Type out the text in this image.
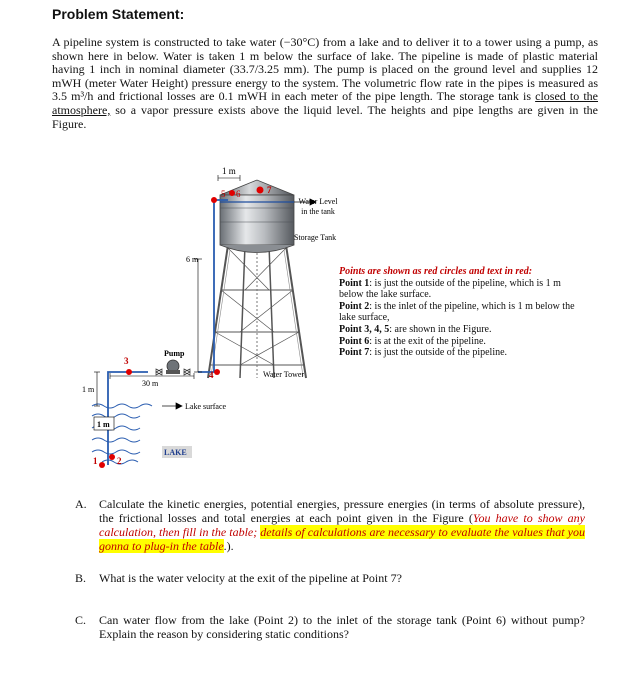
Problem Statement:
A pipeline system is constructed to take water (−30°C) from a lake and to deliver it to a tower using a pump, as shown here in below. Water is taken 1 m below the surface of lake. The pipeline is made of plastic material having 1 inch in nominal diameter (33.7/3.25 mm). The pump is placed on the ground level and supplies 12 mWH (meter Water Height) pressure energy to the system. The volumetric flow rate in the pipes is measured as 3.5 m³/h and frictional losses are 0.1 mWH in each meter of the pipe length. The storage tank is closed to the atmosphere, so a vapor pressure exists above the liquid level. The heights and pipe lengths are given in the Figure.
1 m
5 6	7
Water Level
in the tank
Storage Tank
6 m
Pump
3
4
30 m
Water Tower
1 m
1 m
Lake surface
LAKE
1 2
Points are shown as red circles and text in red:
Point 1: is just the outside of the pipeline, which is 1 m below the lake surface.
Point 2: is the inlet of the pipeline, which is 1 m below the lake surface,
Point 3, 4, 5: are shown in the Figure.
Point 6: is at the exit of the pipeline.
Point 7: is just the outside of the pipeline.
A.	Calculate the kinetic energies, potential energies, pressure energies (in terms of absolute pressure), the frictional losses and total energies at each point given in the Figure (You have to show any calculation, then fill in the table; details of calculations are necessary to evaluate the values that you gonna to plug-in the table.).
B.	What is the water velocity at the exit of the pipeline at Point 7?
C.	Can water flow from the lake (Point 2) to the inlet of the storage tank (Point 6) without pump? Explain the reason by considering static conditions?
